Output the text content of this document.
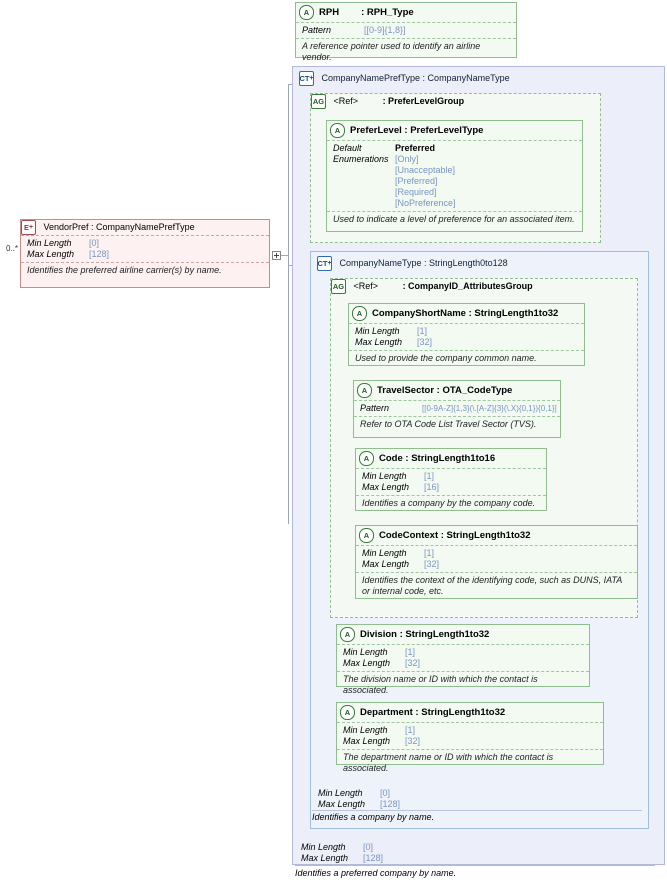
0..*
E + VendorPref : CompanyNamePrefType
Min Length	[0]
Max Length	[128]
Identifies the preferred airline carrier(s) by name.
A	RPH : RPH_Type
Pattern	[[0-9]{1,8}]
A reference pointer used to identify an airline vendor.
CT + CompanyNamePrefType : CompanyNameType
AG <Ref>	: PreferLevelGroup
A	PreferLevel : PreferLevelType
Default	Preferred
Enumerations [Only]
[Unacceptable]
[Preferred]
[Required]
[NoPreference]
Used to indicate a level of preference for an associated item.
CT + CompanyNameType : StringLength0to128
Min Length	[0]
Max Length	[128]
Identifies a company by name.
AG <Ref>	: CompanyID_AttributesGroup
A	CompanyShortName : StringLength1to32
Min Length	[1]
Max Length	[32]
Used to provide the company common name.
A	TravelSector : OTA_CodeType
Pattern	[[0-9A-Z]{1,3}(\.[A-Z]{3}(\.X){0,1}){0,1}]
Refer to OTA Code List Travel Sector (TVS).
A	Code : StringLength1to16
Min Length	[1]
Max Length	[16]
Identifies a company by the company code.
A	CodeContext : StringLength1to32
Min Length	[1]
Max Length	[32]
Identifies the context of the identifying code, such as DUNS, IATA or internal code, etc.
A	Division : StringLength1to32
Min Length	[1]
Max Length	[32]
The division name or ID with which the contact is associated.
A	Department : StringLength1to32
Min Length	[1]
Max Length	[32]
The department name or ID with which the contact is associated.
Min Length	[0]
Max Length	[128]
Identifies a preferred company by name.
